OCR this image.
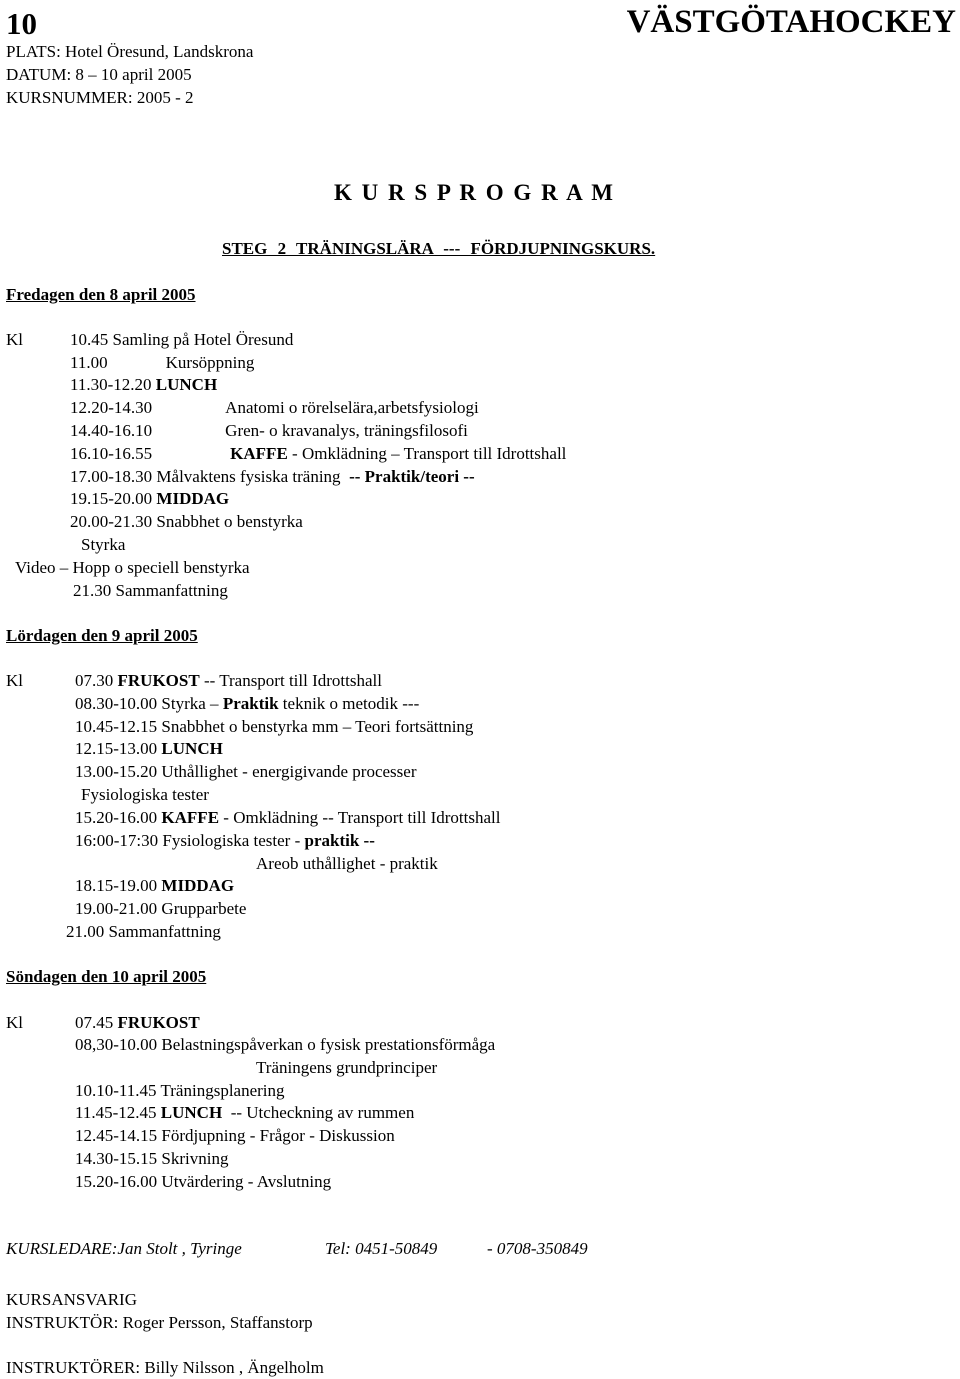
10	VÄSTGÖTAHOCKEY
PLATS: Hotel Öresund, Landskrona
DATUM: 8 – 10 april 2005
KURSNUMMER: 2005 - 2
K U R S P R O G R A M
STEG 2 TRÄNINGSLÄRA --- FÖRDJUPNINGSKURS.
Fredagen den 8 april 2005
Kl	10.45 Samling på Hotel Öresund
11.00	Kursöppning
11.30-12.20 LUNCH
12.20-14.30	Anatomi o rörelselära,arbetsfysiologi
14.40-16.10	Gren- o kravanalys, träningsfilosofi
16.10-16.55	KAFFE - Omklädning – Transport till Idrottshall
17.00-18.30 Målvaktens fysiska träning -- Praktik/teori --
19.15-20.00 MIDDAG
20.00-21.30 Snabbhet o benstyrka
Styrka
Video – Hopp o speciell benstyrka
21.30 Sammanfattning
Lördagen den 9 april 2005
Kl	07.30 FRUKOST -- Transport till Idrottshall
08.30-10.00 Styrka – Praktik teknik o metodik ---
10.45-12.15 Snabbhet o benstyrka mm – Teori fortsättning
12.15-13.00 LUNCH
13.00-15.20 Uthållighet - energigivande processer
Fysiologiska tester
15.20-16.00 KAFFE - Omklädning -- Transport till Idrottshall
16:00-17:30 Fysiologiska tester - praktik --
Areob uthållighet - praktik
18.15-19.00 MIDDAG
19.00-21.00 Grupparbete
21.00 Sammanfattning
Söndagen den 10 april 2005
Kl	07.45 FRUKOST
08,30-10.00 Belastningspåverkan o fysisk prestationsförmåga
Träningens grundprinciper
10.10-11.45 Träningsplanering
11.45-12.45 LUNCH -- Utcheckning av rummen
12.45-14.15 Fördjupning - Frågor - Diskussion
14.30-15.15 Skrivning
15.20-16.00 Utvärdering - Avslutning
KURSLEDARE:Jan Stolt , Tyringe	Tel: 0451-50849	- 0708-350849
KURSANSVARIG
INSTRUKTÖR: Roger Persson, Staffanstorp
INSTRUKTÖRER: Billy Nilsson , Ängelholm
